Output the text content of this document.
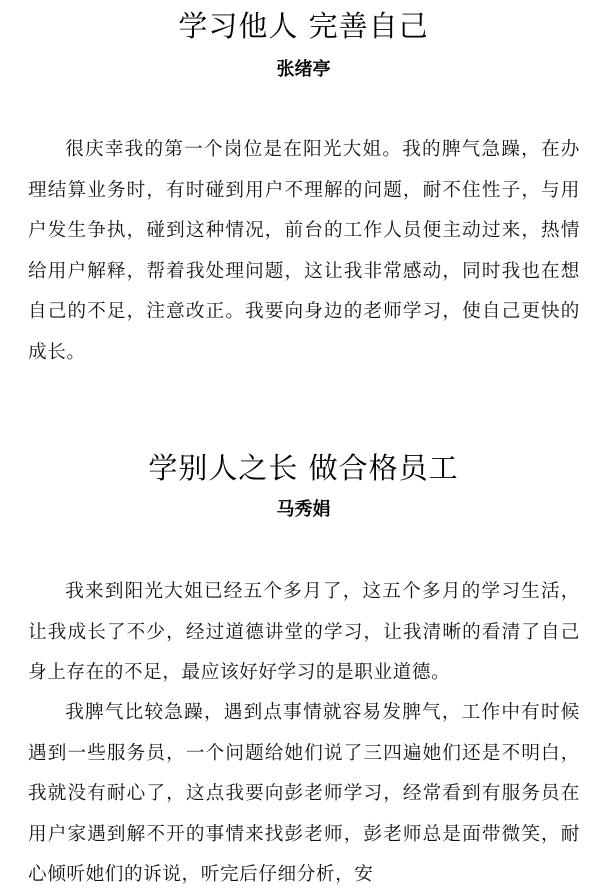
学习他人 完善自己
张绪亭

很庆幸我的第一个岗位是在阳光大姐。我的脾气急躁，在办理结算业务时，有时碰到用户不理解的问题，耐不住性子，与用户发生争执，碰到这种情况，前台的工作人员便主动过来，热情给用户解释，帮着我处理问题，这让我非常感动，同时我也在想自己的不足，注意改正。我要向身边的老师学习，使自己更快的成长。

学别人之长 做合格员工
马秀娟

我来到阳光大姐已经五个多月了，这五个多月的学习生活，让我成长了不少，经过道德讲堂的学习，让我清晰的看清了自己身上存在的不足，最应该好好学习的是职业道德。

我脾气比较急躁，遇到点事情就容易发脾气，工作中有时候遇到一些服务员，一个问题给她们说了三四遍她们还是不明白，我就没有耐心了，这点我要向彭老师学习，经常看到有服务员在用户家遇到解不开的事情来找彭老师，彭老师总是面带微笑，耐心倾听她们的诉说，听完后仔细分析，安
